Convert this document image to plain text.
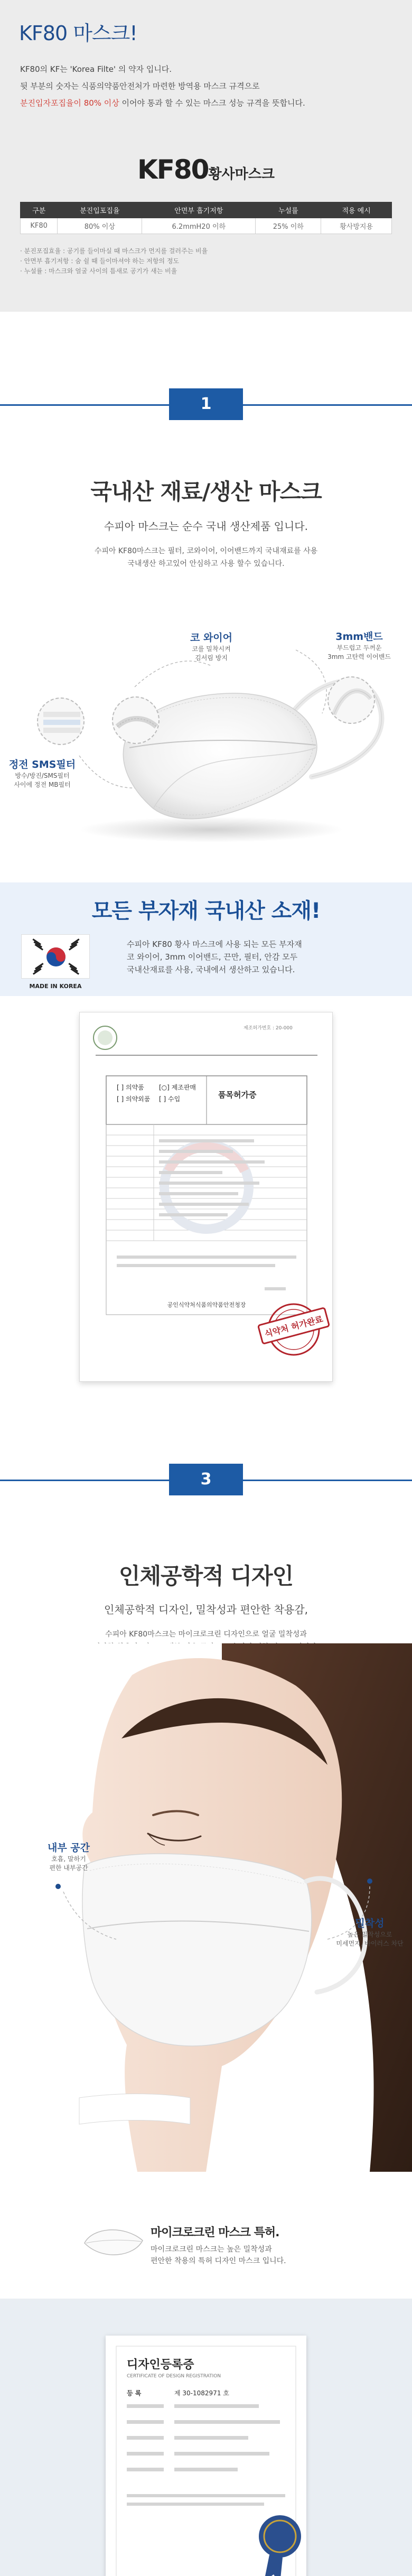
KF80 마스크!

KF80의 KF는 'Korea Filte' 의 약자 입니다.

뒷 부분의 숫자는 식품의약품안전처가 마련한 방역용 마스크 규격으로

분진입자포집율이 80% 이상 이어야 통과 할 수 있는 마스크 성능 규격을 뜻합니다.

KF80황사마스크
구분	분진입포집율	안면부 흡기저항	누설률	적용 예시
KF80	80% 이상	6.2mmH20 이하	25% 이하	황사방지용

· 분진포집효율 : 공기를 들이마실 때 마스크가 먼지를 걸러주는 비율

· 안면부 흡기저항 : 숨 쉴 때 들이마셔야 하는 저항의 정도

· 누설률 : 마스크와 얼굴 사이의 틈새로 공기가 새는 비율

1
국내산 재료/생산 마스크

수피아 마스크는 순수 국내 생산제품 입니다.

수피아 KF80마스크는 필터, 코와이어, 이어밴드까지 국내재료를 사용

국내생산 하고있어 안심하고 사용 할수 있습니다.

코 와이어
코를 밀착시켜
김서림 방지
3mm밴드
부드럽고 두꺼운
3mm 고탄력 이어밴드
정전 SMS필터
방수/방진/SMS필터
사이에 정전 MB필터
모든 부자재 국내산 소재!
MADE IN KOREA

수피아 KF80 황사 마스크에 사용 되는 모든 부자재

코 와이어, 3mm 이어밴드, 끈만, 필터, 안감 모두

국내산재료를 사용, 국내에서 생산하고 있습니다.

제조허가번호 : 20-000
[ ] 의약품
[ ] 의약외품
[○] 제조판매
[ ] 수입	품목허가증
공인식약처식품의약품안전청장
식약처 허가완료
3
인체공학적 디자인

인체공학적 디자인, 밀착성과 편안한 착용감,

수피아 KF80마스크는 마이크로크린 디자인으로 얼굴 밀착성과

내부 공간
호흡, 말하기
편한 내부공간
밀착성
높은 밀착성으로
미세먼지, 바이러스 차단
마이크로크린 마스크 특허.

마이크로크린 마스크는 높은 밀착성과

편안한 착용의 특허 디자인 마스크 입니다.

디자인등록증
CERTIFICATE OF DESIGN REGISTRATION
등 록	제 30-1082971 호
